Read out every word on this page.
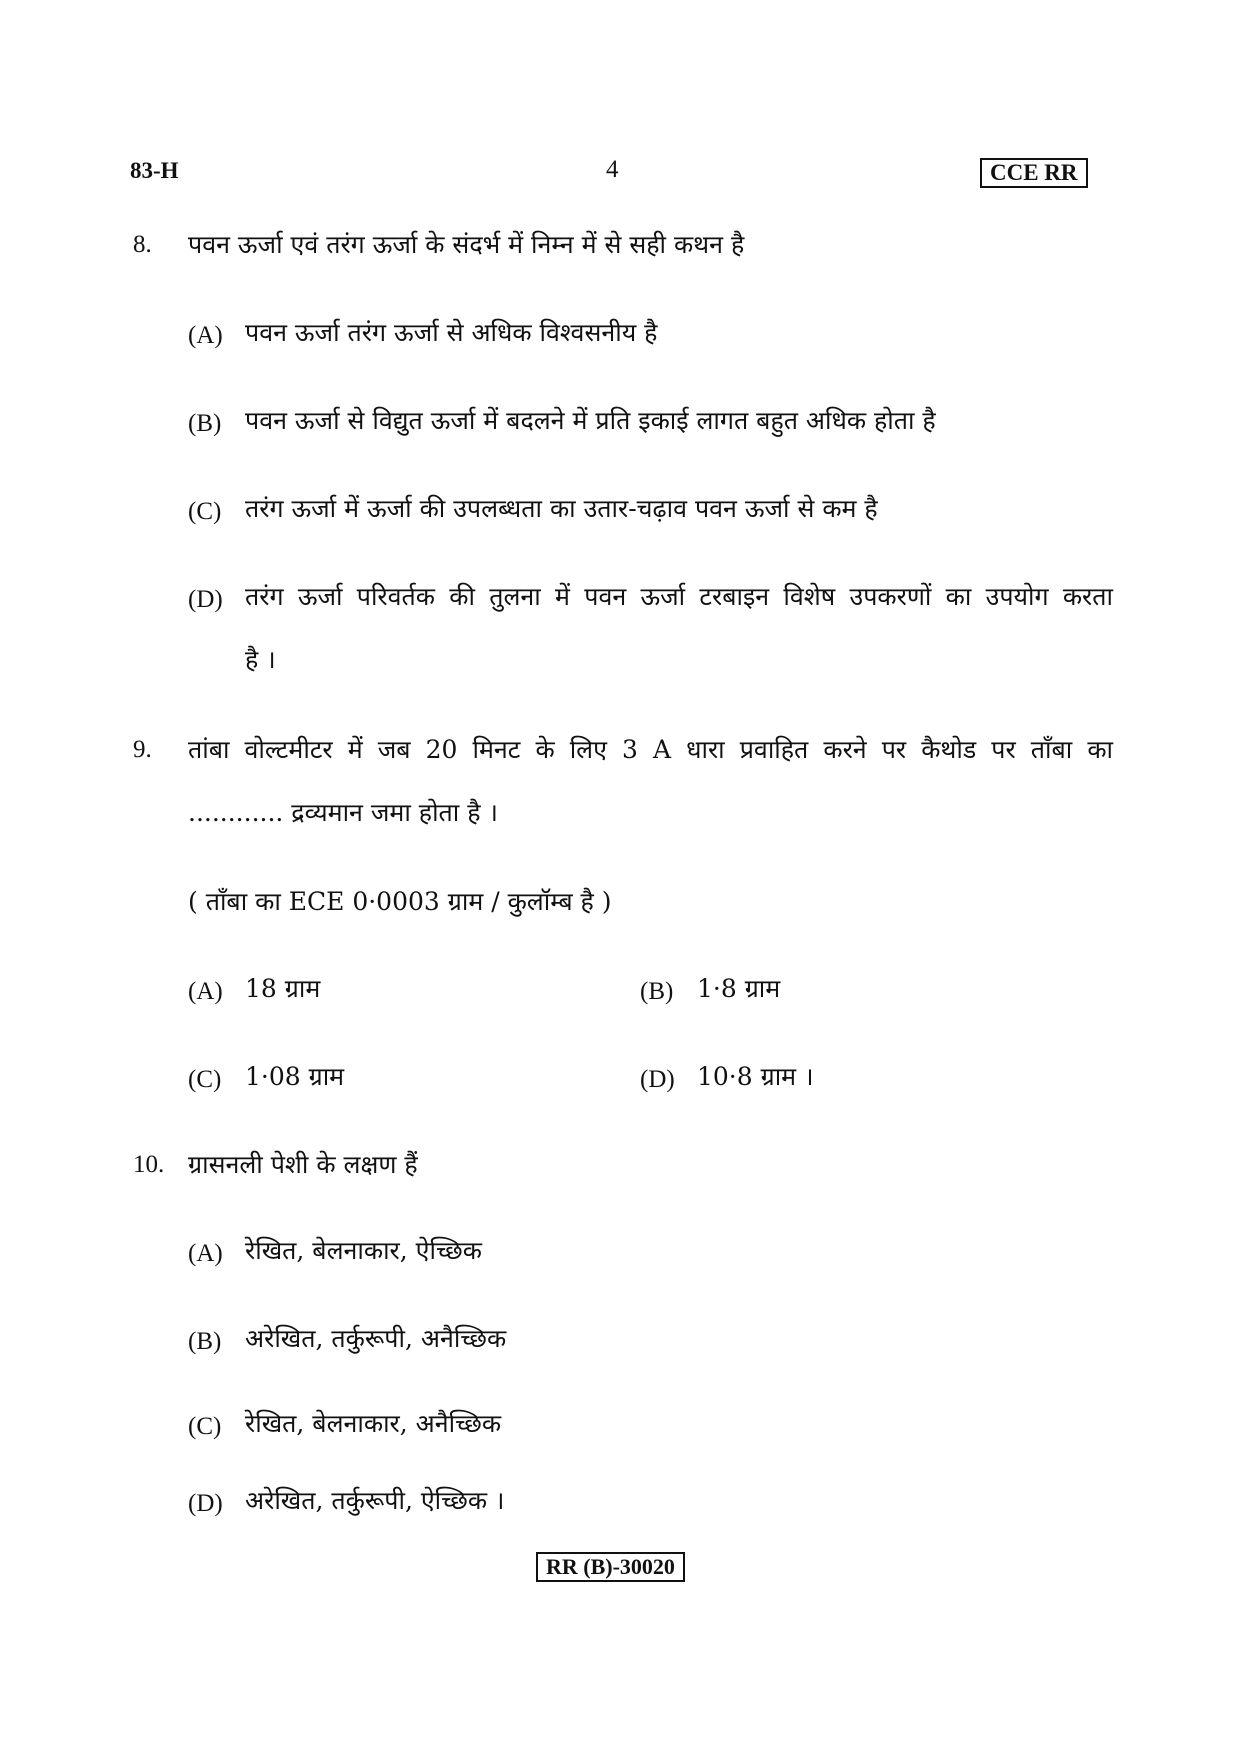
83-H	4	CCE RR
8. पवन ऊर्जा एवं तरंग ऊर्जा के संदर्भ में निम्न में से सही कथन है
(A) पवन ऊर्जा तरंग ऊर्जा से अधिक विश्वसनीय है
(B) पवन ऊर्जा से विद्युत ऊर्जा में बदलने में प्रति इकाई लागत बहुत अधिक होता है
(C) तरंग ऊर्जा में ऊर्जा की उपलब्धता का उतार-चढ़ाव पवन ऊर्जा से कम है
(D) तरंग ऊर्जा परिवर्तक की तुलना में पवन ऊर्जा टरबाइन विशेष उपकरणों का उपयोग करता
है ।
9. तांबा वोल्टमीटर में जब 20 मिनट के लिए 3 A धारा प्रवाहित करने पर कैथोड पर ताँबा का
............ द्रव्यमान जमा होता है ।
( ताँबा का ECE 0·0003 ग्राम / कुलॉम्ब है )
(A) 18 ग्राम	(B) 1·8 ग्राम
(C) 1·08 ग्राम	(D) 10·8 ग्राम ।
10. ग्रासनली पेशी के लक्षण हैं
(A) रेखित, बेलनाकार, ऐच्छिक
(B) अरेखित, तर्कुरूपी, अनैच्छिक
(C) रेखित, बेलनाकार, अनैच्छिक
(D) अरेखित, तर्कुरूपी, ऐच्छिक ।
RR (B)-30020
